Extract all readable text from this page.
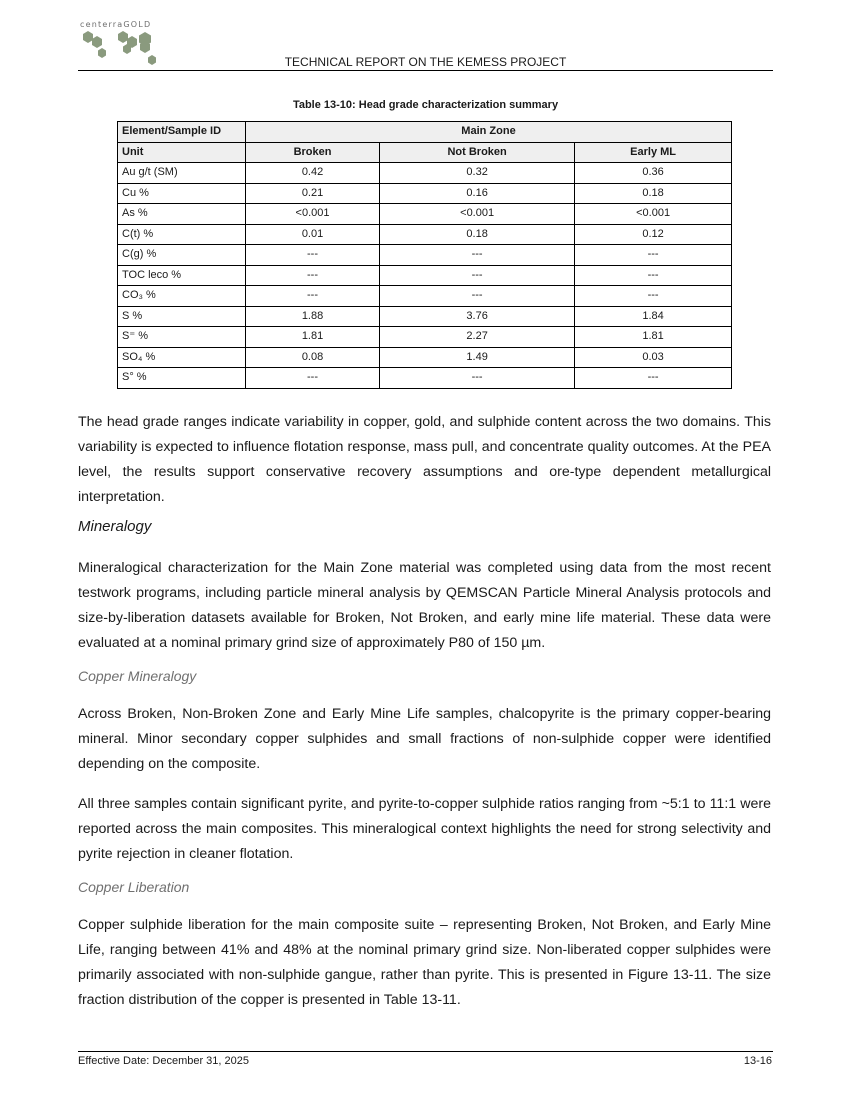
centerraGOLD
TECHNICAL REPORT ON THE KEMESS PROJECT
Table 13-10: Head grade characterization summary
Element/Sample ID	Main Zone		
Unit	Broken	Not Broken	Early ML
Au g/t (SM)	0.42	0.32	0.36
Cu %	0.21	0.16	0.18
As %	<0.001	<0.001	<0.001
C(t) %	0.01	0.18	0.12
C(g) %	---	---	---
TOC leco %	---	---	---
CO₃ %	---	---	---
S %	1.88	3.76	1.84
S⁼ %	1.81	2.27	1.81
SO₄ %	0.08	1.49	0.03
S° %	---	---	---
The head grade ranges indicate variability in copper, gold, and sulphide content across the two domains. This variability is expected to influence flotation response, mass pull, and concentrate quality outcomes. At the PEA level, the results support conservative recovery assumptions and ore-type dependent metallurgical interpretation.
Mineralogy
Mineralogical characterization for the Main Zone material was completed using data from the most recent testwork programs, including particle mineral analysis by QEMSCAN Particle Mineral Analysis protocols and size-by-liberation datasets available for Broken, Not Broken, and early mine life material. These data were evaluated at a nominal primary grind size of approximately P80 of 150 µm.
Copper Mineralogy
Across Broken, Non-Broken Zone and Early Mine Life samples, chalcopyrite is the primary copper-bearing mineral. Minor secondary copper sulphides and small fractions of non-sulphide copper were identified depending on the composite.
All three samples contain significant pyrite, and pyrite-to-copper sulphide ratios ranging from ~5:1 to 11:1 were reported across the main composites. This mineralogical context highlights the need for strong selectivity and pyrite rejection in cleaner flotation.
Copper Liberation
Copper sulphide liberation for the main composite suite – representing Broken, Not Broken, and Early Mine Life, ranging between 41% and 48% at the nominal primary grind size. Non-liberated copper sulphides were primarily associated with non-sulphide gangue, rather than pyrite. This is presented in Figure 13-11. The size fraction distribution of the copper is presented in Table 13-11.
Effective Date: December 31, 2025	13-16
